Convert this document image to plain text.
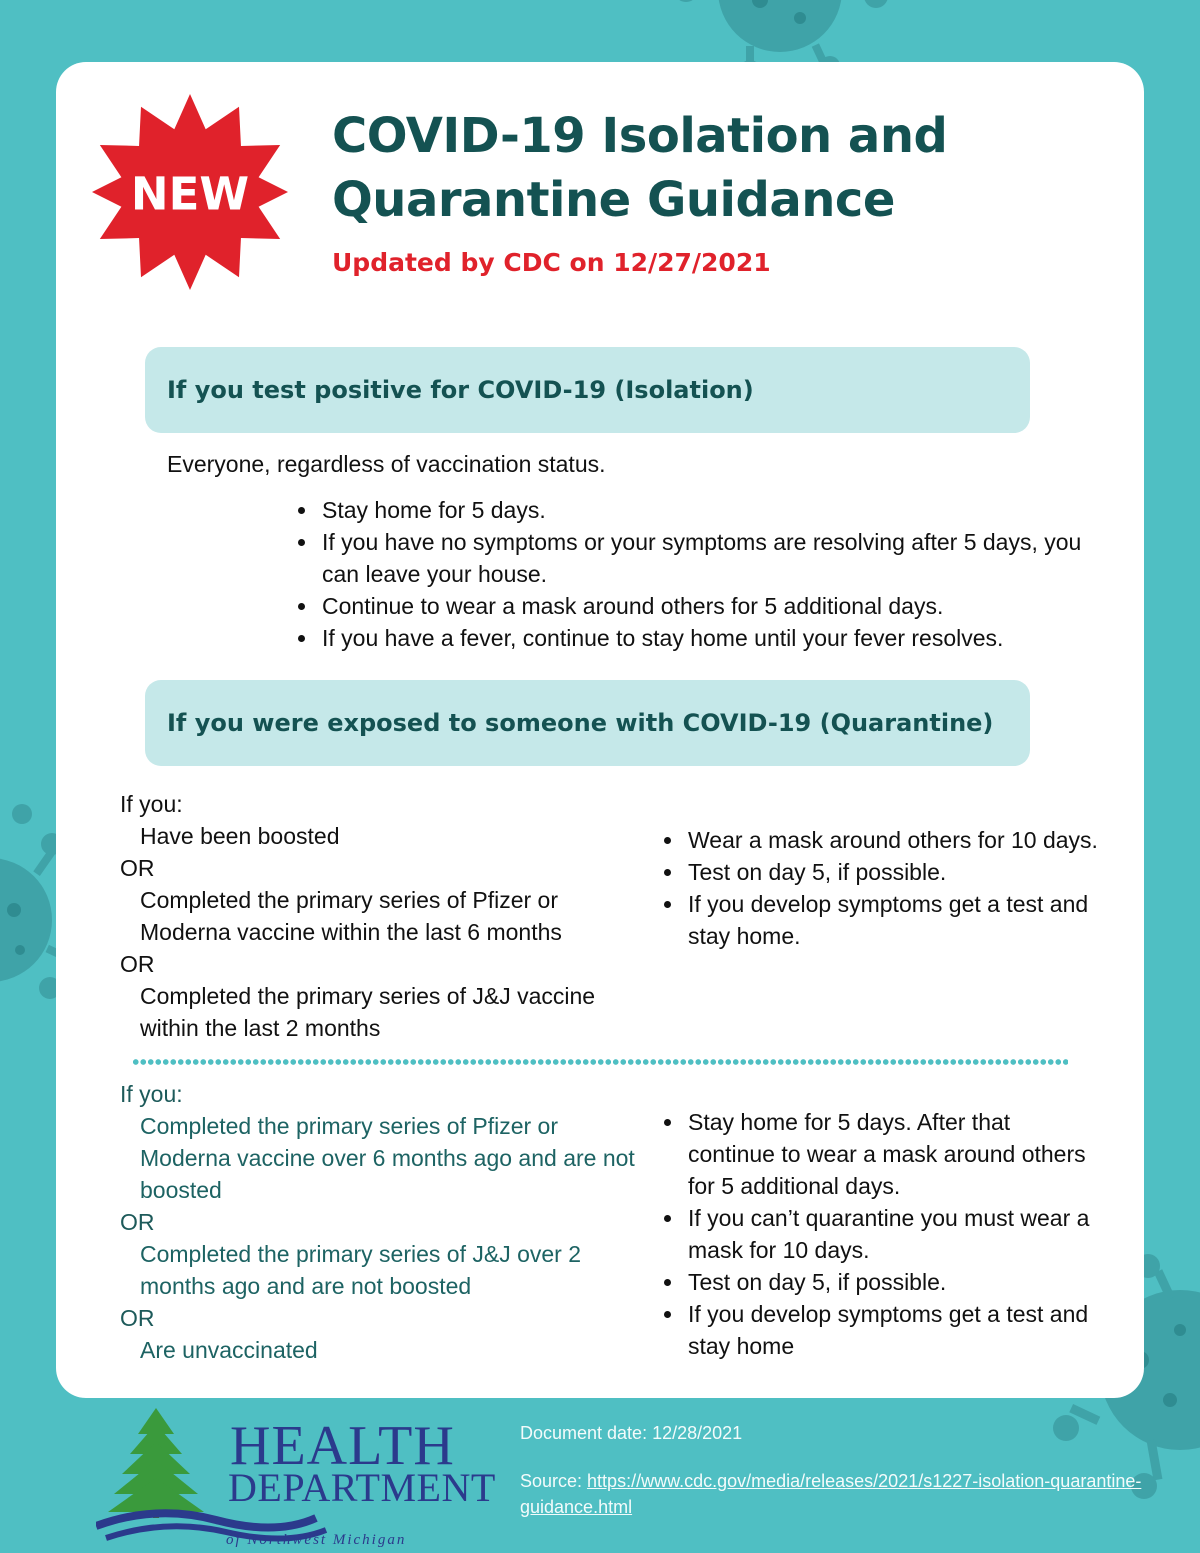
NEW
COVID-19 Isolation and
Quarantine Guidance
Updated by CDC on 12/27/2021
If you test positive for COVID-19 (Isolation)
Everyone, regardless of vaccination status.
Stay home for 5 days.
If you have no symptoms or your symptoms are resolving after 5 days, you can leave your house.
Continue to wear a mask around others for 5 additional days.
If you have a fever, continue to stay home until your fever resolves.
If you were exposed to someone with COVID-19 (Quarantine)
If you:
Have been boosted
OR
Completed the primary series of Pfizer or Moderna vaccine within the last 6 months
OR
Completed the primary series of J&J vaccine within the last 2 months
Wear a mask around others for 10 days.
Test on day 5, if possible.
If you develop symptoms get a test and stay home.
If you:
Completed the primary series of Pfizer or Moderna vaccine over 6 months ago and are not boosted
OR
Completed the primary series of J&J over 2 months ago and are not boosted
OR
Are unvaccinated
Stay home for 5 days. After that continue to wear a mask around others for 5 additional days.
If you can’t quarantine you must wear a mask for 10 days.
Test on day 5, if possible.
If you develop symptoms get a test and stay home
HEALTH
DEPARTMENT
of Northwest Michigan
Document date: 12/28/2021
Source: https://www.cdc.gov/media/releases/2021/s1227-isolation-quarantine-guidance.html
